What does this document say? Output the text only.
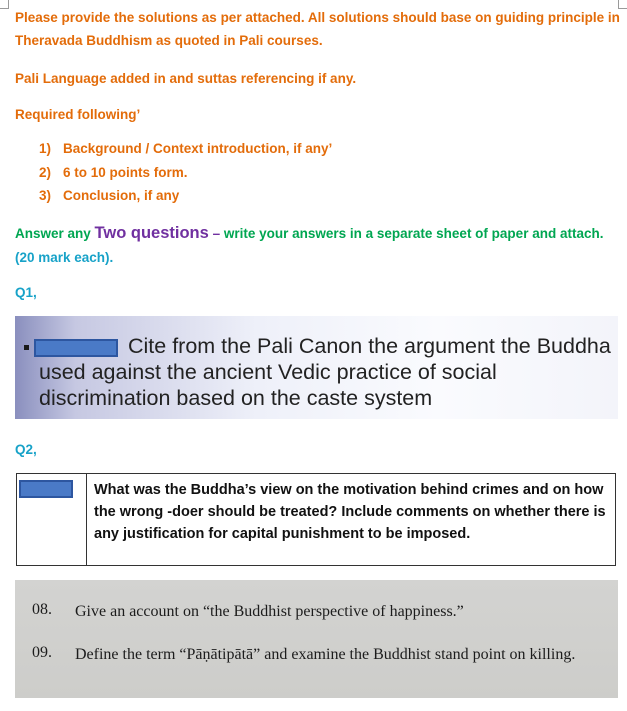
Please provide the solutions as per attached. All solutions should base on guiding principle in Theravada Buddhism as quoted in Pali courses.
Pali Language added in and suttas referencing if any.
Required following’
1) Background / Context introduction, if any’
2) 6 to 10 points form.
3) Conclusion, if any
Answer any Two questions – write your answers in a separate sheet of paper and attach. (20 mark each).
Q1,
Cite from the Pali Canon the argument the Buddha used against the ancient Vedic practice of social discrimination based on the caste system
Q2,
What was the Buddha’s view on the motivation behind crimes and on how the wrong -doer should be treated? Include comments on whether there is any justification for capital punishment to be imposed.
08. Give an account on “the Buddhist perspective of happiness.”
09. Define the term “Pāṇātipātā” and examine the Buddhist stand point on killing.
